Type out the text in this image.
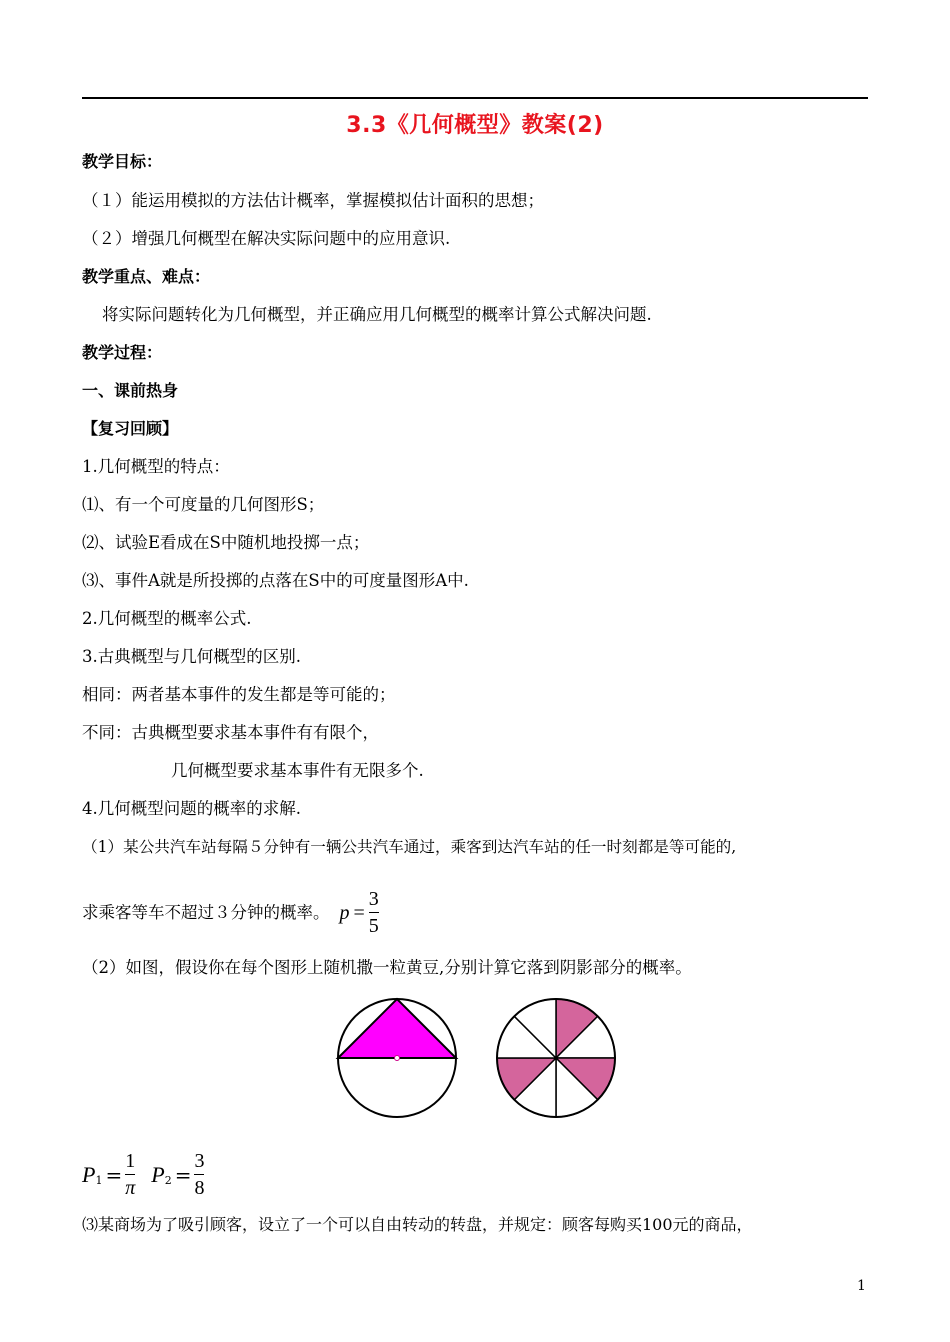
3.3《几何概型》教案(2)
教学目标：
（１）能运用模拟的方法估计概率，掌握模拟估计面积的思想；
（２）增强几何概型在解决实际问题中的应用意识.
教学重点、难点：
将实际问题转化为几何概型，并正确应用几何概型的概率计算公式解决问题.
教学过程：
一、课前热身
【复习回顾】
1.几何概型的特点：
⑴、有一个可度量的几何图形S；
⑵、试验E看成在S中随机地投掷一点；
⑶、事件A就是所投掷的点落在S中的可度量图形A中.
2.几何概型的概率公式.
3.古典概型与几何概型的区别.
相同：两者基本事件的发生都是等可能的；
不同：古典概型要求基本事件有有限个，
几何概型要求基本事件有无限多个.
4.几何概型问题的概率的求解.
（1）某公共汽车站每隔５分钟有一辆公共汽车通过，乘客到达汽车站的任一时刻都是等可能的,
求乘客等车不超过３分钟的概率。 $p = \frac{3}{5}$
（2）如图，假设你在每个图形上随机撒一粒黄豆,分别计算它落到阴影部分的概率。
P $1 = \frac{1}{\pi}$ P $2 = \frac{3}{8}$
⑶某商场为了吸引顾客，设立了一个可以自由转动的转盘，并规定：顾客每购买100元的商品，
1
